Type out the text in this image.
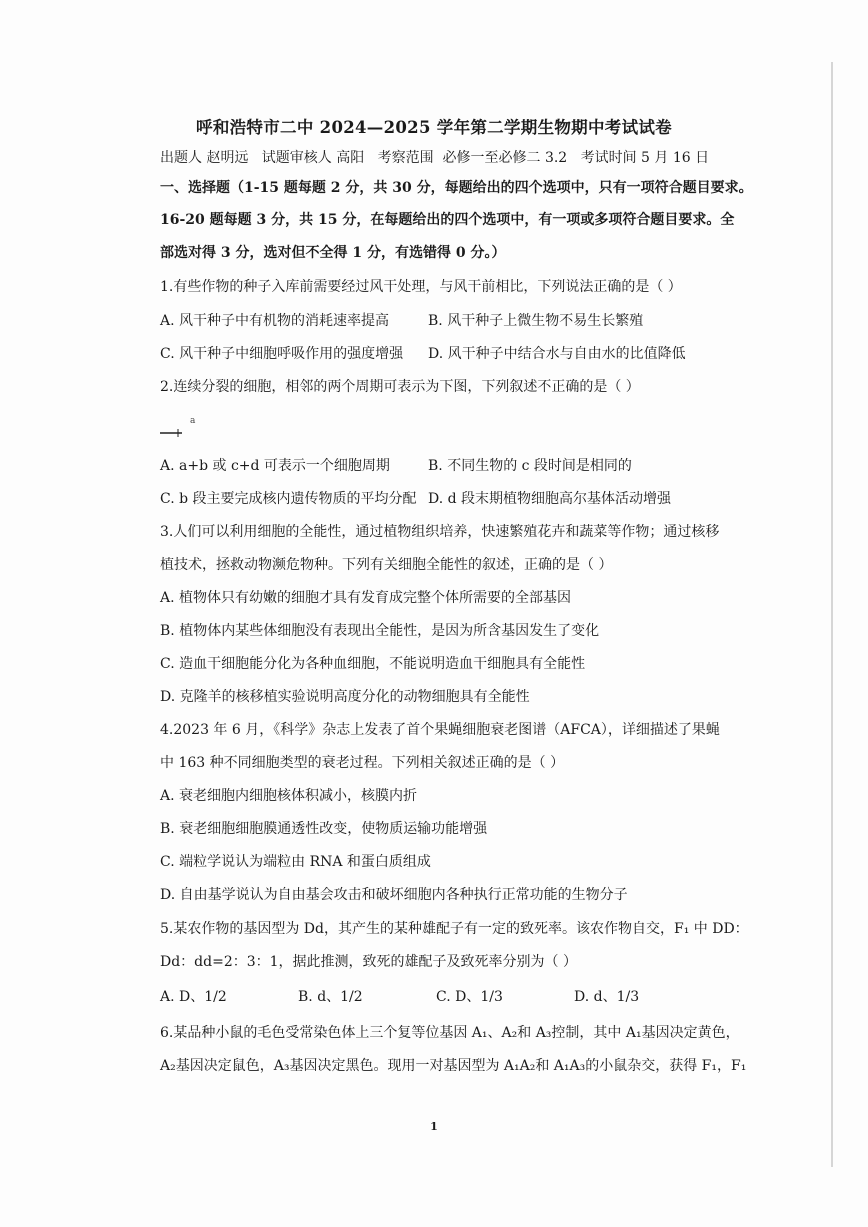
呼和浩特市二中 2024—2025 学年第二学期生物期中考试试卷
出题人 赵明远   试题审核人 高阳   考察范围  必修一至必修二 3.2   考试时间 5 月 16 日
一、选择题（1-15 题每题 2 分，共 30 分，每题给出的四个选项中，只有一项符合题目要求。
16-20 题每题 3 分，共 15 分，在每题给出的四个选项中，有一项或多项符合题目要求。全
部选对得 3 分，选对但不全得 1 分，有选错得 0 分。）
1.有些作物的种子入库前需要经过风干处理，与风干前相比，下列说法正确的是（ ）
A. 风干种子中有机物的消耗速率提高	B. 风干种子上微生物不易生长繁殖
C. 风干种子中细胞呼吸作用的强度增强 D. 风干种子中结合水与自由水的比值降低
2.连续分裂的细胞，相邻的两个周期可表示为下图，下列叙述不正确的是（ ）
a
A. a+b 或 c+d 可表示一个细胞周期	B. 不同生物的 c 段时间是相同的
C. b 段主要完成核内遗传物质的平均分配 D. d 段末期植物细胞高尔基体活动增强
3.人们可以利用细胞的全能性，通过植物组织培养，快速繁殖花卉和蔬菜等作物；通过核移
植技术，拯救动物濒危物种。下列有关细胞全能性的叙述，正确的是（ ）
A. 植物体只有幼嫩的细胞才具有发育成完整个体所需要的全部基因
B. 植物体内某些体细胞没有表现出全能性，是因为所含基因发生了变化
C. 造血干细胞能分化为各种血细胞，不能说明造血干细胞具有全能性
D. 克隆羊的核移植实验说明高度分化的动物细胞具有全能性
4.2023 年 6 月，《科学》杂志上发表了首个果蝇细胞衰老图谱（AFCA），详细描述了果蝇
中 163 种不同细胞类型的衰老过程。下列相关叙述正确的是（ ）
A. 衰老细胞内细胞核体积减小，核膜内折
B. 衰老细胞细胞膜通透性改变，使物质运输功能增强
C. 端粒学说认为端粒由 RNA 和蛋白质组成
D. 自由基学说认为自由基会攻击和破坏细胞内各种执行正常功能的生物分子
5.某农作物的基因型为 Dd，其产生的某种雄配子有一定的致死率。该农作物自交，F₁ 中 DD：
Dd：dd=2：3：1，据此推测，致死的雄配子及致死率分别为（ ）
A. D、1/2	B. d、1/2	C. D、1/3	D. d、1/3
6.某品种小鼠的毛色受常染色体上三个复等位基因 A₁、A₂和 A₃控制，其中 A₁基因决定黄色，
A₂基因决定鼠色，A₃基因决定黑色。现用一对基因型为 A₁A₂和 A₁A₃的小鼠杂交，获得 F₁，F₁
1
